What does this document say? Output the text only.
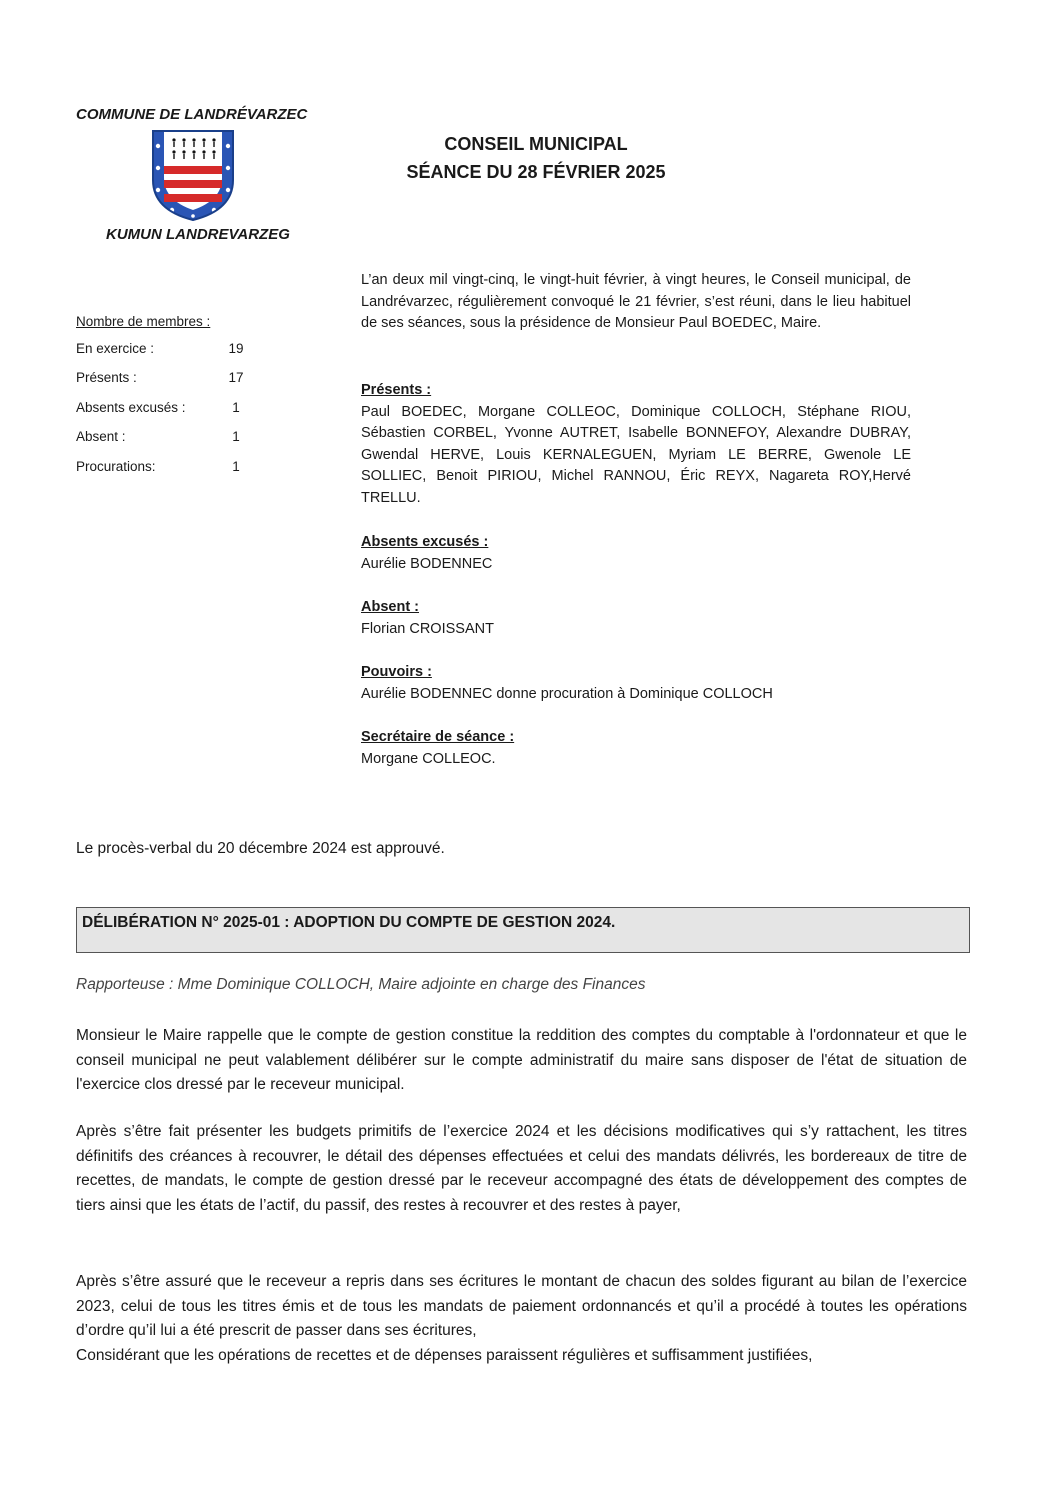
COMMUNE DE LANDRÉVARZEC
KUMUN LANDREVARZEG
CONSEIL MUNICIPAL
SÉANCE DU 28 FÉVRIER 2025
Nombre de membres :
En exercice :	19
Présents :	17
Absents excusés :	1
Absent :	1
Procurations:	1
L’an deux mil vingt-cinq, le vingt-huit février, à vingt heures, le Conseil municipal, de Landrévarzec, régulièrement convoqué le 21 février, s’est réuni, dans le lieu habituel de ses séances, sous la présidence de Monsieur Paul BOEDEC, Maire.
Présents :
Paul BOEDEC, Morgane COLLEOC, Dominique COLLOCH, Stéphane RIOU, Sébastien CORBEL, Yvonne AUTRET, Isabelle BONNEFOY, Alexandre DUBRAY, Gwendal HERVE, Louis KERNALEGUEN, Myriam LE BERRE, Gwenole LE SOLLIEC, Benoit PIRIOU, Michel RANNOU, Éric REYX, Nagareta ROY,Hervé TRELLU.
Absents excusés :
Aurélie BODENNEC
Absent :
Florian CROISSANT
Pouvoirs :
Aurélie BODENNEC donne procuration à Dominique COLLOCH
Secrétaire de séance :
Morgane COLLEOC.
Le procès-verbal du 20 décembre 2024 est approuvé.
DÉLIBÉRATION N° 2025-01 : ADOPTION DU COMPTE DE GESTION 2024.
Rapporteuse : Mme Dominique COLLOCH, Maire adjointe en charge des Finances
Monsieur le Maire rappelle que le compte de gestion constitue la reddition des comptes du comptable à l'ordonnateur et que le conseil municipal ne peut valablement délibérer sur le compte administratif du maire sans disposer de l'état de situation de l'exercice clos dressé par le receveur municipal.
Après s’être fait présenter les budgets primitifs de l’exercice 2024 et les décisions modificatives qui s’y rattachent, les titres définitifs des créances à recouvrer, le détail des dépenses effectuées et celui des mandats délivrés, les bordereaux de titre de recettes, de mandats, le compte de gestion dressé par le receveur accompagné des états de développement des comptes de tiers ainsi que les états de l’actif, du passif, des restes à recouvrer et des restes à payer,
Après s’être assuré que le receveur a repris dans ses écritures le montant de chacun des soldes figurant au bilan de l’exercice 2023, celui de tous les titres émis et de tous les mandats de paiement ordonnancés et qu’il a procédé à toutes les opérations d’ordre qu’il lui a été prescrit de passer dans ses écritures,
Considérant que les opérations de recettes et de dépenses paraissent régulières et suffisamment justifiées,
